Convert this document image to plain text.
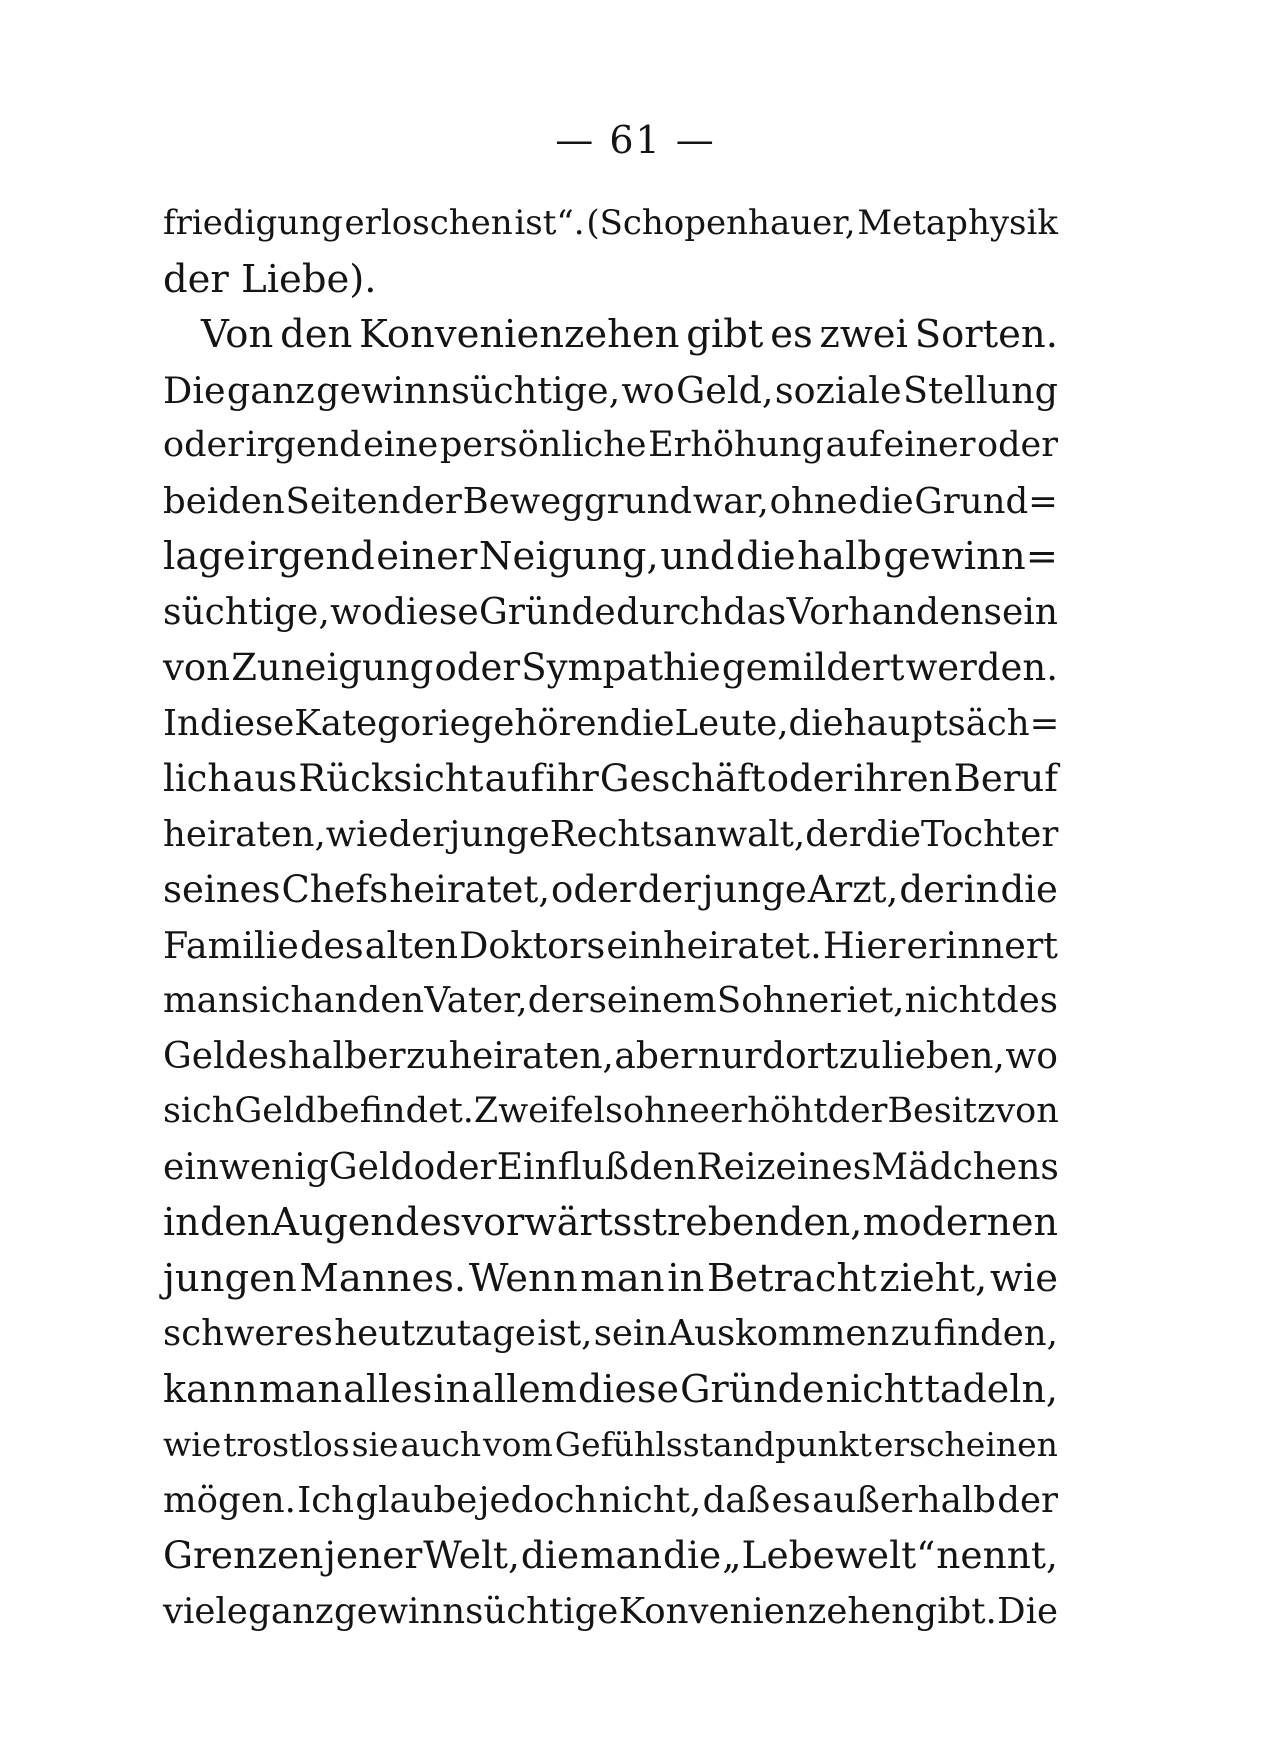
— 61 —
friedigung erloschen ist“. (Schopenhauer, Metaphysik
der Liebe).
Von den Konvenienzehen gibt es zwei Sorten.
Die ganz gewinnsüchtige, wo Geld, soziale Stellung
oder irgend eine persönliche Erhöhung auf einer oder
beiden Seiten der Beweggrund war, ohne die Grund=
lage irgend einer Neigung, und die halb gewinn=
süchtige, wo diese Gründe durch das Vorhandensein
von Zuneigung oder Sympathie gemildert werden.
In diese Kategorie gehören die Leute, die hauptsäch=
lich aus Rücksicht auf ihr Geschäft oder ihren Beruf
heiraten, wie der junge Rechtsanwalt, der die Tochter
seines Chefs heiratet, oder der junge Arzt, der in die
Familie des alten Doktors einheiratet. Hier erinnert
man sich an den Vater, der seinem Sohne riet, nicht des
Geldes halber zu heiraten, aber nur dort zu lieben, wo
sich Geld befindet. Zweifelsohne erhöht der Besitz von
ein wenig Geld oder Einfluß den Reiz eines Mädchens
in den Augen des vorwärtsstrebenden, modernen
jungen Mannes. Wenn man in Betracht zieht, wie
schwer es heutzutage ist, sein Auskommen zu finden,
kann man alles in allem diese Gründe nicht tadeln,
wie trostlos sie auch vom Gefühlsstandpunkt erscheinen
mögen. Ich glaube jedoch nicht, daß es außerhalb der
Grenzen jener Welt, die man die „Lebewelt“ nennt,
viele ganz gewinnsüchtige Konvenienzehen gibt. Die
